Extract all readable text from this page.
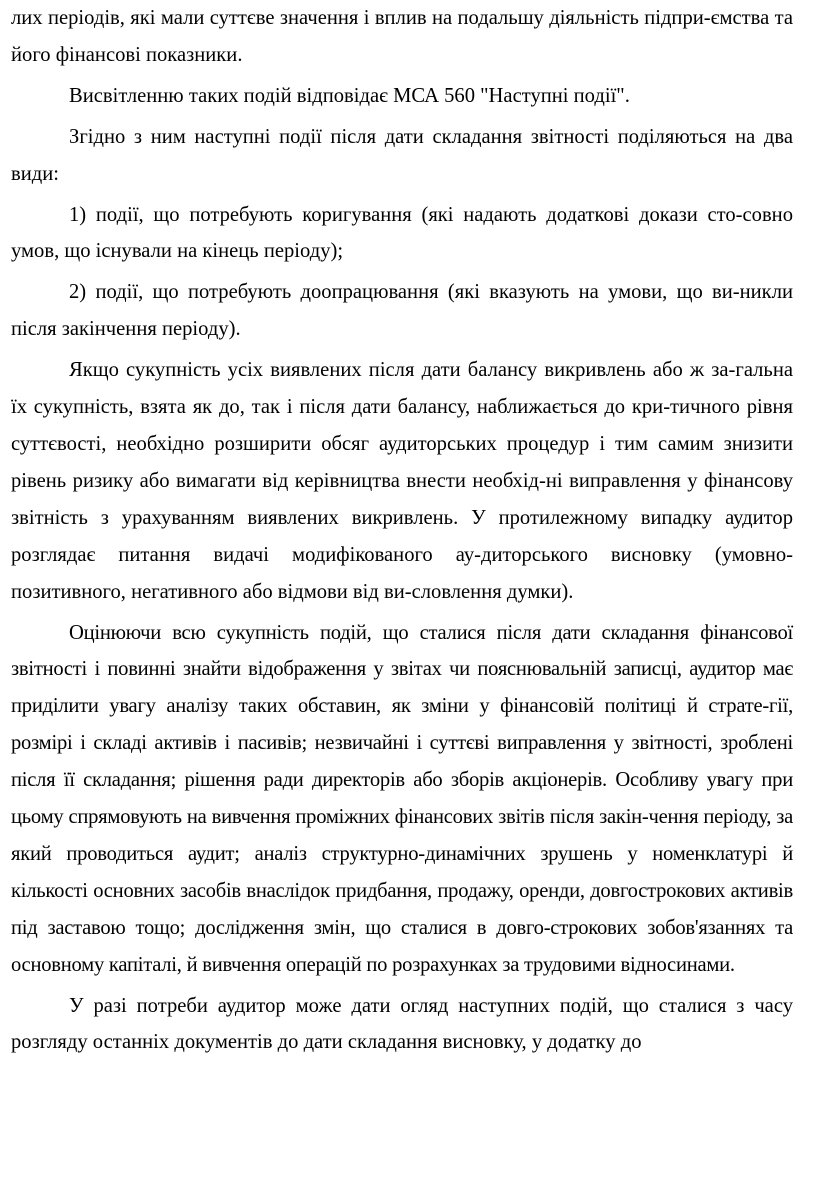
лих періодів, які мали суттєве значення і вплив на подальшу діяльність підпри-ємства та його фінансові показники.

Висвітленню таких подій відповідає МСА 560 "Наступні події".

Згідно з ним наступні події після дати складання звітності поділяються на два види:

1) події, що потребують коригування (які надають додаткові докази сто-совно умов, що існували на кінець періоду);

2) події, що потребують доопрацювання (які вказують на умови, що ви-никли після закінчення періоду).

Якщо сукупність усіх виявлених після дати балансу викривлень або ж за-гальна їх сукупність, взята як до, так і після дати балансу, наближається до кри-тичного рівня суттєвості, необхідно розширити обсяг аудиторських процедур і тим самим знизити рівень ризику або вимагати від керівництва внести необхід-ні виправлення у фінансову звітність з урахуванням виявлених викривлень. У протилежному випадку аудитор розглядає питання видачі модифікованого ау-диторського висновку (умовно-позитивного, негативного або відмови від ви-словлення думки).

Оцінюючи всю сукупність подій, що сталися після дати складання фінансової звітності і повинні знайти відображення у звітах чи пояснювальній записці, аудитор має приділити увагу аналізу таких обставин, як зміни у фінансовій політиці й страте-гії, розмірі і складі активів і пасивів; незвичайні і суттєві виправлення у звітності, зроблені після її складання; рішення ради директорів або зборів акціонерів. Особливу увагу при цьому спрямовують на вивчення проміжних фінансових звітів після закін-чення періоду, за який проводиться аудит; аналіз структурно-динамічних зрушень у номенклатурі й кількості основних засобів внаслідок придбання, продажу, оренди, довгострокових активів під заставою тощо; дослідження змін, що сталися в довго-строкових зобов'язаннях та основному капіталі, й вивчення операцій по розрахунках за трудовими відносинами.

У разі потреби аудитор може дати огляд наступних подій, що сталися з часу розгляду останніх документів до дати складання висновку, у додатку до
